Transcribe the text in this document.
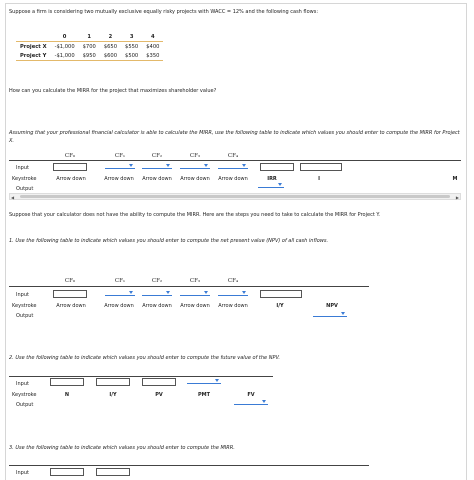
Suppose a firm is considering two mutually exclusive equally risky projects with WACC = 12% and the following cash flows:
	0	1	2	3	4
Project X	-$1,000	$700	$650	$550	$400
Project Y	-$1,000	$950	$600	$500	$350
How can you calculate the MIRR for the project that maximizes shareholder value?
Assuming that your professional financial calculator is able to calculate the MIRR, use the following table to indicate which values you should enter to compute the MIRR for Project X.
CF₀	CF₁	CF₂	CF₃	CF₄
Input
Keystroke	Arrow down	Arrow down	Arrow down	Arrow down	Arrow down	IRR	I	M
Output
◀	▶
Suppose that your calculator does not have the ability to compute the MIRR. Here are the steps you need to take to calculate the MIRR for Project Y.
1. Use the following table to indicate which values you should enter to compute the net present value (NPV) of all cash inflows.
CF₀	CF₁	CF₂	CF₃	CF₄
Input
Keystroke	Arrow down	Arrow down	Arrow down	Arrow down	Arrow down	I/Y	NPV
Output
2. Use the following table to indicate which values you should enter to compute the future value of the NPV.
Input
Keystroke	N	I/Y	PV	PMT	FV
Output
3. Use the following table to indicate which values you should enter to compute the MIRR.
Input
